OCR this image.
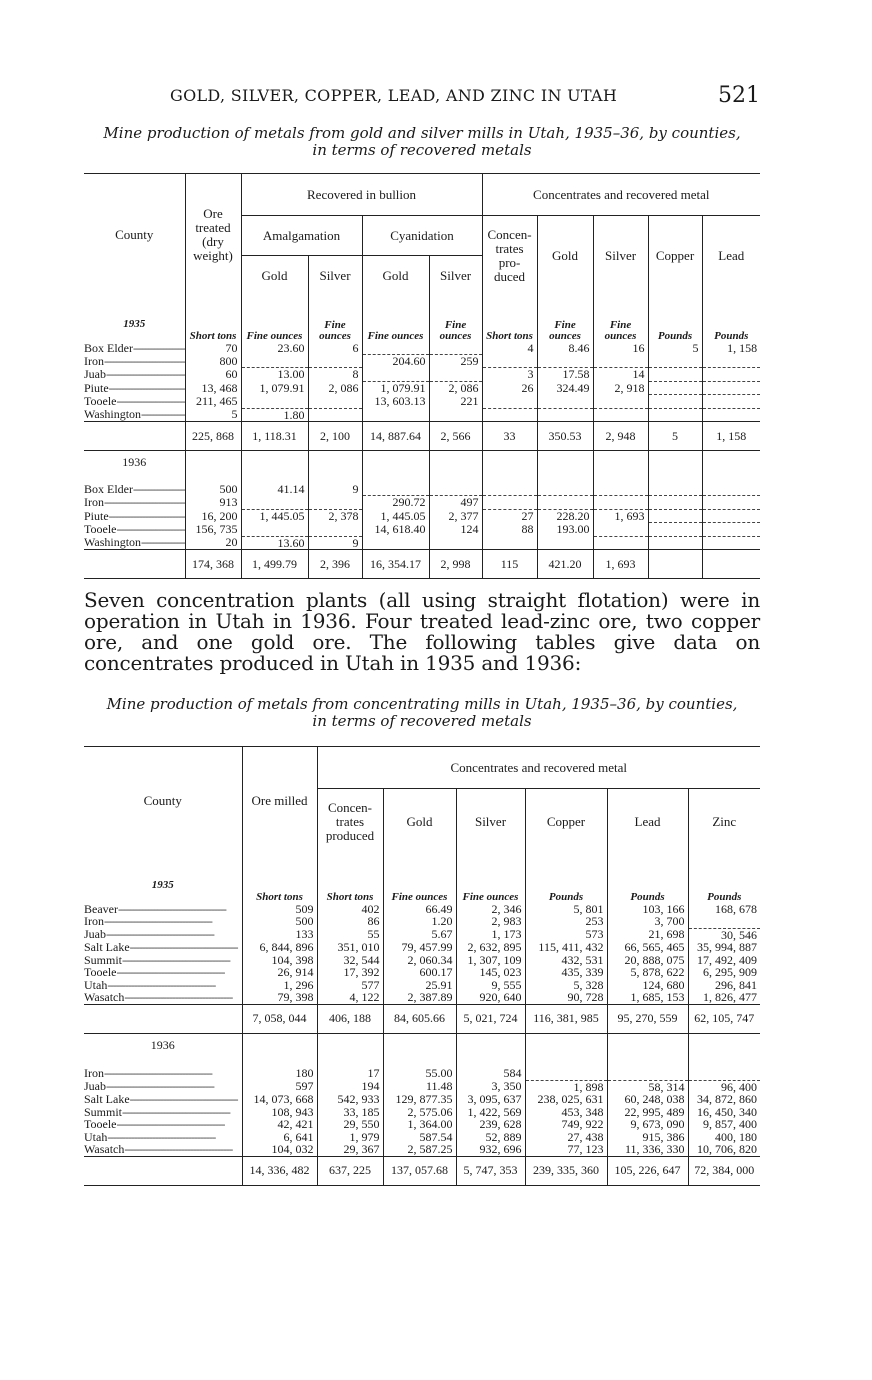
GOLD, SILVER, COPPER, LEAD, AND ZINC IN UTAH	521
Mine production of metals from gold and silver mills in Utah, 1935–36, by counties,
in terms of recovered metals
County	Ore treated (dry weight)	Recovered in bullion				Concentrates and recovered metal				
		Amalgamation		Cyanidation		Concen-trates pro-duced	Gold	Silver	Copper	Lead
		Gold	Silver	Gold	Silver					
1935	Short tons	Fine ounces	Fine ounces	Fine ounces	Fine ounces	Short tons	Fine ounces	Fine ounces	Pounds	Pounds
Box Elder -----	70	23.60	6			4	8.46	16	5	1, 158
Iron -----	800			204.60	259					
Juab -----	60	13.00	8			3	17.58	14		
Piute -----	13, 468	1, 079.91	2, 086	1, 079.91	2, 086	26	324.49	2, 918		
Tooele -----	211, 465			13, 603.13	221					
Washington -----	5	1.80								
	225, 868	1, 118.31	2, 100	14, 887.64	2, 566	33	350.53	2, 948	5	1, 158
1936										
Box Elder -----	500	41.14	9							
Iron -----	913			290.72	497					
Piute -----	16, 200	1, 445.05	2, 378	1, 445.05	2, 377	27	228.20	1, 693		
Tooele -----	156, 735			14, 618.40	124	88	193.00			
Washington -----	20	13.60	9							
	174, 368	1, 499.79	2, 396	16, 354.17	2, 998	115	421.20	1, 693		
Seven concentration plants (all using straight flotation) were in operation in Utah in 1936. Four treated lead-zinc ore, two copper ore, and one gold ore. The following tables give data on concentrates produced in Utah in 1935 and 1936:
Mine production of metals from concentrating mills in Utah, 1935–36, by counties,
in terms of recovered metals
County	Ore milled	Concentrates and recovered metal					
		Concen-trates produced	Gold	Silver	Copper	Lead	Zinc
1935	Short tons	Short tons	Fine ounces	Fine ounces	Pounds	Pounds	Pounds
Beaver -----	509	402	66.49	2, 346	5, 801	103, 166	168, 678
Iron -----	500	86	1.20	2, 983	253	3, 700	
Juab -----	133	55	5.67	1, 173	573	21, 698	30, 546
Salt Lake -----	6, 844, 896	351, 010	79, 457.99	2, 632, 895	115, 411, 432	66, 565, 465	35, 994, 887
Summit -----	104, 398	32, 544	2, 060.34	1, 307, 109	432, 531	20, 888, 075	17, 492, 409
Tooele -----	26, 914	17, 392	600.17	145, 023	435, 339	5, 878, 622	6, 295, 909
Utah -----	1, 296	577	25.91	9, 555	5, 328	124, 680	296, 841
Wasatch -----	79, 398	4, 122	2, 387.89	920, 640	90, 728	1, 685, 153	1, 826, 477
	7, 058, 044	406, 188	84, 605.66	5, 021, 724	116, 381, 985	95, 270, 559	62, 105, 747
1936							
Iron -----	180	17	55.00	584			
Juab -----	597	194	11.48	3, 350	1, 898	58, 314	96, 400
Salt Lake -----	14, 073, 668	542, 933	129, 877.35	3, 095, 637	238, 025, 631	60, 248, 038	34, 872, 860
Summit -----	108, 943	33, 185	2, 575.06	1, 422, 569	453, 348	22, 995, 489	16, 450, 340
Tooele -----	42, 421	29, 550	1, 364.00	239, 628	749, 922	9, 673, 090	9, 857, 400
Utah -----	6, 641	1, 979	587.54	52, 889	27, 438	915, 386	400, 180
Wasatch -----	104, 032	29, 367	2, 587.25	932, 696	77, 123	11, 336, 330	10, 706, 820
	14, 336, 482	637, 225	137, 057.68	5, 747, 353	239, 335, 360	105, 226, 647	72, 384, 000
